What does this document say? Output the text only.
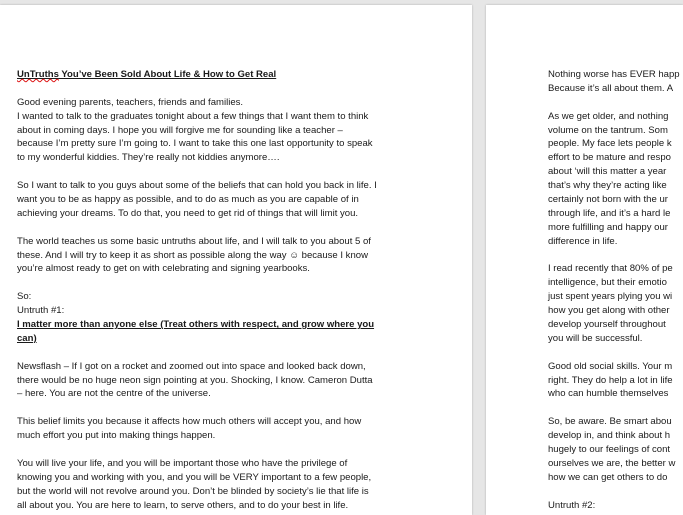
UnTruths You’ve Been Sold About Life & How to Get Real

Good evening parents, teachers, friends and families.
I wanted to talk to the graduates tonight about a few things that I want them to think
about in coming days. I hope you will forgive me for sounding like a teacher –
because I’m pretty sure I’m going to. I want to take this one last opportunity to speak
to my wonderful kiddies. They’re really not kiddies anymore….

So I want to talk to you guys about some of the beliefs that can hold you back in life. I
want you to be as happy as possible, and to do as much as you are capable of in
achieving your dreams. To do that, you need to get rid of things that will limit you.

The world teaches us some basic untruths about life, and I will talk to you about 5 of
these. And I will try to keep it as short as possible along the way ☺ because I know
you’re almost ready to get on with celebrating and signing yearbooks.

So:
Untruth #1:
I matter more than anyone else (Treat others with respect, and grow where you
can)

Newsflash – If I got on a rocket and zoomed out into space and looked back down,
there would be no huge neon sign pointing at you. Shocking, I know. Cameron Dutta
– here. You are not the centre of the universe.

This belief limits you because it affects how much others will accept you, and how
much effort you put into making things happen.

You will live your life, and you will be important those who have the privilege of
knowing you and working with you, and you will be VERY important to a few people,
but the world will not revolve around you. Don’t be blinded by society’s lie that life is
all about you. You are here to learn, to serve others, and to do your best in life.
Nothing worse has EVER happ
Because it’s all about them. A

As we get older, and nothing
volume on the tantrum. Som
people. My face lets people k
effort to be mature and respo
about ‘will this matter a year
that’s why they’re acting like
certainly not born with the ur
through life, and it’s a hard le
more fulfilling and happy our
difference in life.

I read recently that 80% of pe
intelligence, but their emotio
just spent years plying you wi
how you get along with other
develop yourself throughout
you will be successful.

Good old social skills. Your m
right. They do help a lot in life
who can humble themselves

So, be aware. Be smart abou
develop in, and think about h
hugely to our feelings of cont
ourselves we are, the better w
how we can get others to do

Untruth #2:
